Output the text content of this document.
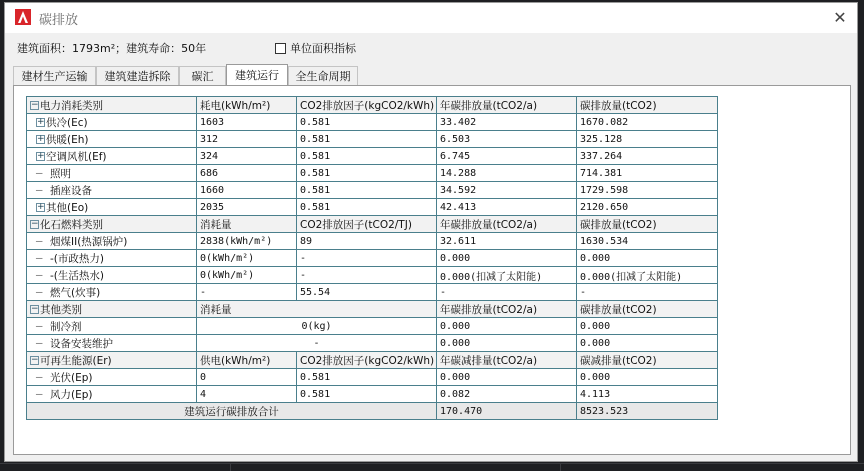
碳排放	✕
建筑面积：1793m²；建筑寿命：50年	单位面积指标
建材生产运输	建筑建造拆除	碳汇	建筑运行	全生命周期
−电力消耗类别	耗电(kWh/m²)	CO2排放因子(kgCO2/kWh)	年碳排放量(tCO2/a)	碳排放量(tCO2)
+供冷(Ec)	1603	0.581	33.402	1670.082
+供暖(Eh)	312	0.581	6.503	325.128
+空调风机(Ef)	324	0.581	6.745	337.264
─ 照明	686	0.581	14.288	714.381
─ 插座设备	1660	0.581	34.592	1729.598
+其他(Eo)	2035	0.581	42.413	2120.650
−化石燃料类别	消耗量	CO2排放因子(tCO2/TJ)	年碳排放量(tCO2/a)	碳排放量(tCO2)
─ 烟煤II(热源锅炉)	2838(kWh/m²)	89	32.611	1630.534
─ -(市政热力)	0(kWh/m²)	-	0.000	0.000
─ -(生活热水)	0(kWh/m²)	-	0.000(扣减了太阳能)	0.000(扣减了太阳能)
─ 燃气(炊事)	-	55.54	-	-
−其他类别	消耗量		年碳排放量(tCO2/a)	碳排放量(tCO2)
─ 制冷剂	0(kg)		0.000	0.000
─ 设备安装维护	-		0.000	0.000
−可再生能源(Er)	供电(kWh/m²)	CO2排放因子(kgCO2/kWh)	年碳减排量(tCO2/a)	碳减排量(tCO2)
─ 光伏(Ep)	0	0.581	0.000	0.000
─ 风力(Ep)	4	0.581	0.082	4.113
建筑运行碳排放合计			170.470	8523.523
